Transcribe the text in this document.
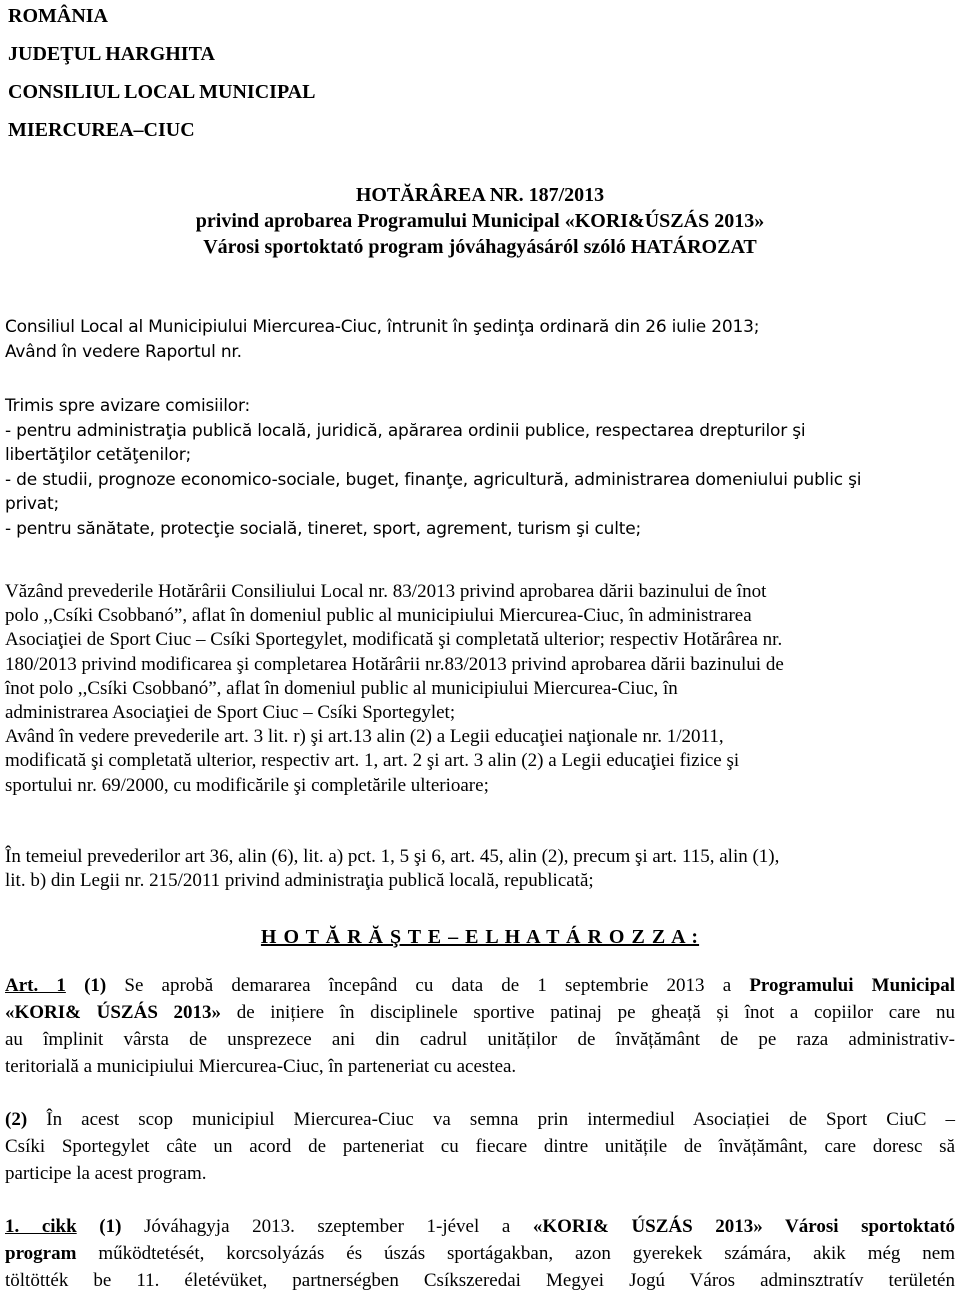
ROMÂNIA
JUDEŢUL HARGHITA
CONSILIUL LOCAL MUNICIPAL
MIERCUREA–CIUC
HOTĂRÂREA NR. 187/2013
privind aprobarea Programului Municipal «KORI&ÚSZÁS 2013»
Városi sportoktató program jóváhagyásáról szóló HATÁROZAT
Consiliul Local al Municipiului Miercurea-Ciuc, întrunit în şedinţa ordinară din 26 iulie 2013;
Având în vedere Raportul nr.
Trimis spre avizare comisiilor:
- pentru administraţia publică locală, juridică, apărarea ordinii publice, respectarea drepturilor şi
libertăţilor cetăţenilor;
- de studii, prognoze economico-sociale, buget, finanţe, agricultură, administrarea domeniului public şi
privat;
- pentru sănătate, protecţie socială, tineret, sport, agrement, turism şi culte;
Văzând prevederile Hotărârii Consiliului Local nr. 83/2013 privind aprobarea dării bazinului de înot
polo ,,Csíki Csobbanó”, aflat în domeniul public al municipiului Miercurea-Ciuc, în administrarea
Asociaţiei de Sport Ciuc – Csíki Sportegylet, modificată şi completată ulterior; respectiv Hotărârea nr.
180/2013 privind modificarea şi completarea Hotărârii nr.83/2013 privind aprobarea dării bazinului de
înot polo ,,Csíki Csobbanó”, aflat în domeniul public al municipiului Miercurea-Ciuc, în
administrarea Asociaţiei de Sport Ciuc – Csíki Sportegylet;
Având în vedere prevederile art. 3 lit. r) şi art.13 alin (2) a Legii educaţiei naţionale nr. 1/2011,
modificată şi completată ulterior, respectiv art. 1, art. 2 şi art. 3 alin (2) a Legii educaţiei fizice şi
sportului nr. 69/2000, cu modificările şi completările ulterioare;
În temeiul prevederilor art 36, alin (6), lit. a) pct. 1, 5 şi 6, art. 45, alin (2), precum şi art. 115, alin (1),
lit. b) din Legii nr. 215/2011 privind administraţia publică locală, republicată;
H O T Ă R Ă Ş T E – E L H A T Á R O Z Z A :
Art. 1 (1) Se aprobă demararea începând cu data de 1 septembrie 2013 a Programului Municipal
«KORI& ÚSZÁS 2013» de inițiere în disciplinele sportive patinaj pe gheață și înot a copiilor care nu
au împlinit vârsta de unsprezece ani din cadrul unităților de învățământ de pe raza administrativ-
teritorială a municipiului Miercurea-Ciuc, în parteneriat cu acestea.
(2) În acest scop municipiul Miercurea-Ciuc va semna prin intermediul Asociației de Sport CiuC –
Csíki Sportegylet câte un acord de parteneriat cu fiecare dintre unitățile de învățământ, care doresc să
participe la acest program.
1. cikk (1) Jóváhagyja 2013. szeptember 1-jével a «KORI& ÚSZÁS 2013» Városi sportoktató
program működtetését, korcsolyázás és úszás sportágakban, azon gyerekek számára, akik még nem
töltötték be 11. életévüket, partnerségben Csíkszeredai Megyei Jogú Város adminsztratív területén
